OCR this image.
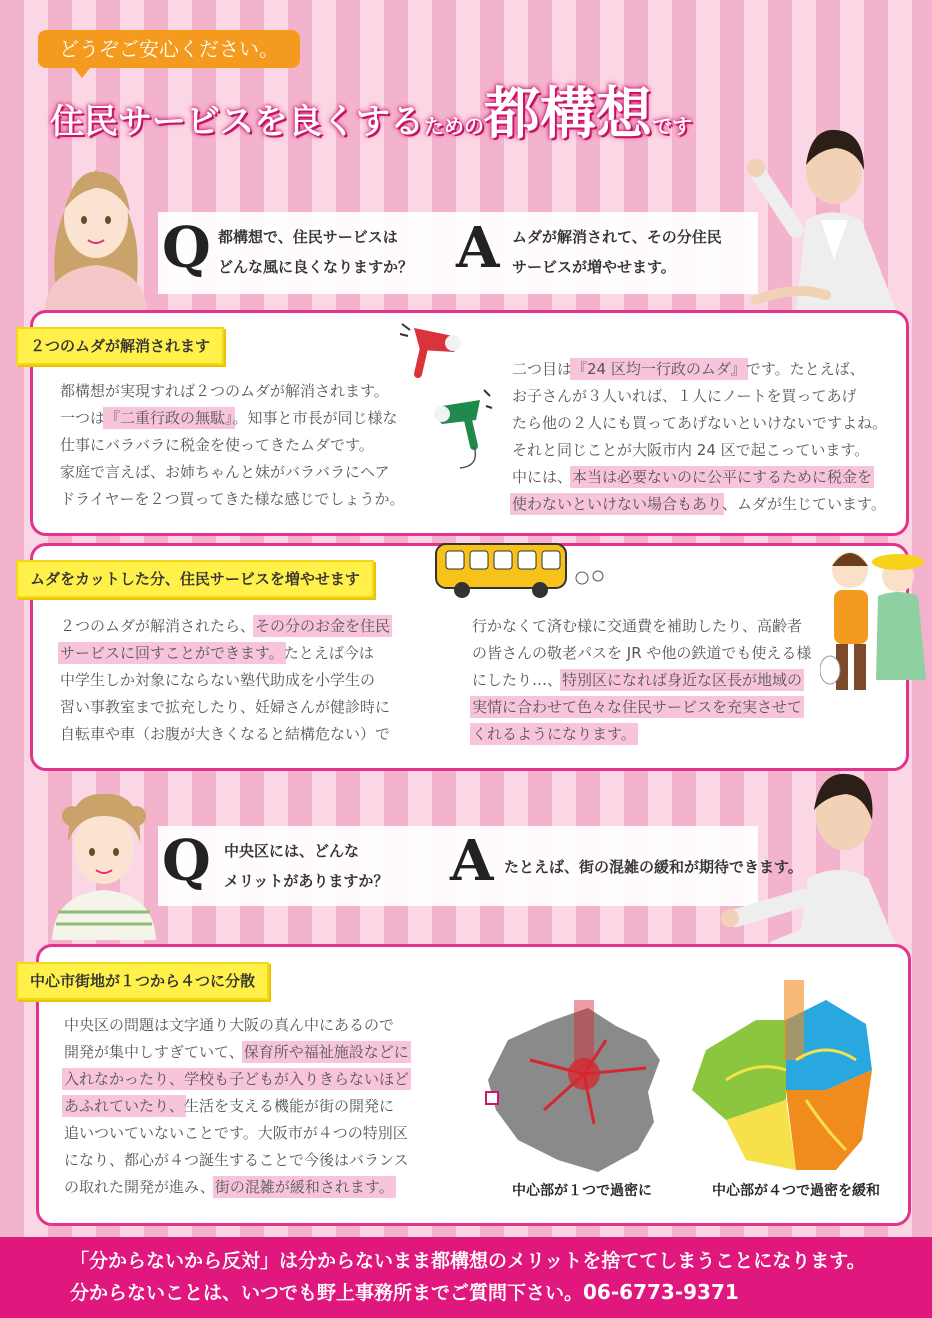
どうぞご安心ください。
住民サービスを良くするための都構想です
Q 都構想で、住民サービスは
どんな風に良くなりますか？ A ムダが解消されて、その分住民
サービスが増やせます。
２つのムダが解消されます
都構想が実現すれば２つのムダが解消されます。
一つは『二重行政の無駄』。知事と市長が同じ様な
仕事にバラバラに税金を使ってきたムダです。
家庭で言えば、お姉ちゃんと妹がバラバラにヘア
ドライヤーを２つ買ってきた様な感じでしょうか。
二つ目は『24 区均一行政のムダ』です。たとえば、
お子さんが３人いれば、１人にノートを買ってあげ
たら他の２人にも買ってあげないといけないですよね。
それと同じことが大阪市内 24 区で起こっています。
中には、本当は必要ないのに公平にするために税金を
使わないといけない場合もあり、ムダが生じています。
ムダをカットした分、住民サービスを増やせます
２つのムダが解消されたら、その分のお金を住民
サービスに回すことができます。たとえば今は
中学生しか対象にならない塾代助成を小学生の
習い事教室まで拡充したり、妊婦さんが健診時に
自転車や車（お腹が大きくなると結構危ない）で
行かなくて済む様に交通費を補助したり、高齢者
の皆さんの敬老パスを JR や他の鉄道でも使える様
にしたり…、特別区になれば身近な区長が地域の
実情に合わせて色々な住民サービスを充実させて
くれるようになります。
Q 中央区には、どんな
メリットがありますか？ A たとえば、街の混雑の緩和が期待できます。
中心市街地が１つから４つに分散
中央区の問題は文字通り大阪の真ん中にあるので
開発が集中しすぎていて、保育所や福祉施設などに
入れなかったり、学校も子どもが入りきらないほど
あふれていたり、生活を支える機能が街の開発に
追いついていないことです。大阪市が４つの特別区
になり、都心が４つ誕生することで今後はバランス
の取れた開発が進み、街の混雑が緩和されます。	中心部が１つで過密に	中心部が４つで過密を緩和
「分からないから反対」は分からないまま都構想のメリットを捨ててしまうことになります。
分からないことは、いつでも野上事務所までご質問下さい。06-6773-9371
